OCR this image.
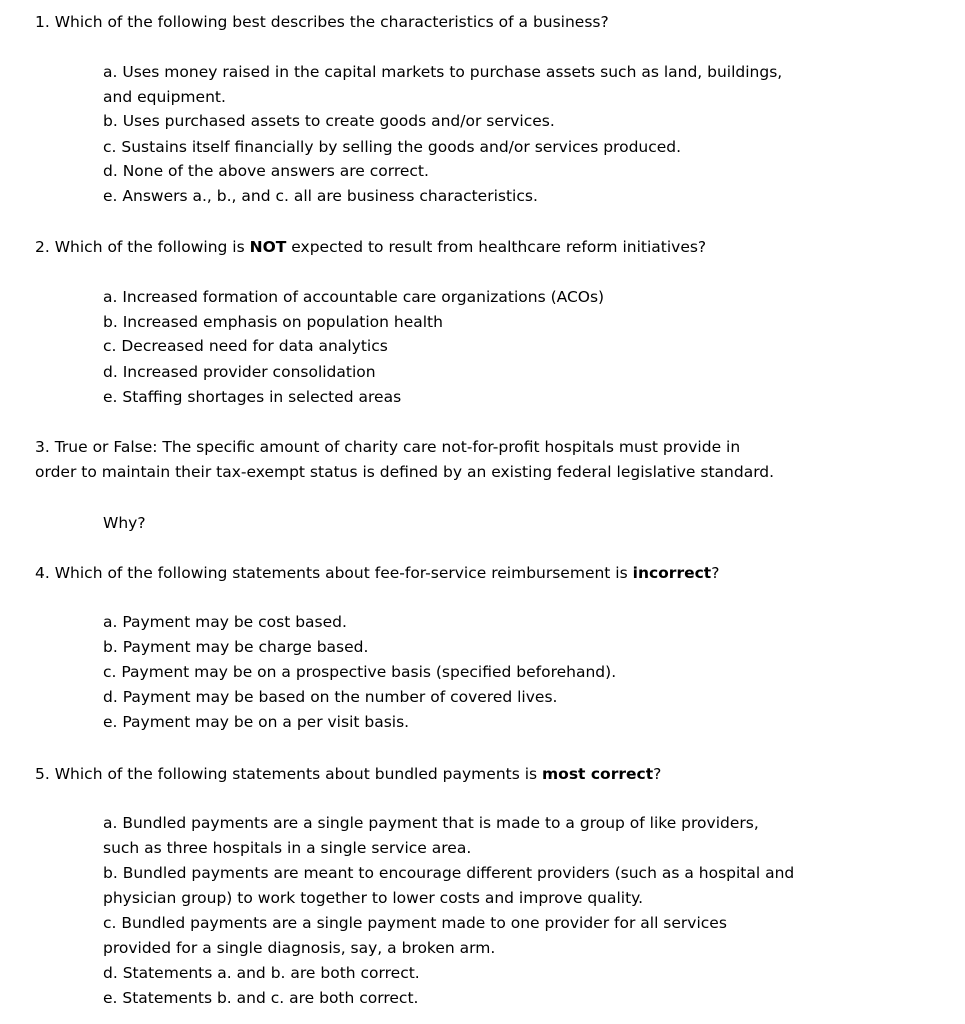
1. Which of the following best describes the characteristics of a business?

a. Uses money raised in the capital markets to purchase assets such as land, buildings,

and equipment.

b. Uses purchased assets to create goods and/or services.

c. Sustains itself financially by selling the goods and/or services produced.

d. None of the above answers are correct.

e. Answers a., b., and c. all are business characteristics.

2. Which of the following is NOT expected to result from healthcare reform initiatives?

a. Increased formation of accountable care organizations (ACOs)

b. Increased emphasis on population health

c. Decreased need for data analytics

d. Increased provider consolidation

e. Staffing shortages in selected areas

3. True or False: The specific amount of charity care not-for-profit hospitals must provide in

order to maintain their tax-exempt status is defined by an existing federal legislative standard.

Why?

4. Which of the following statements about fee-for-service reimbursement is incorrect?

a. Payment may be cost based.

b. Payment may be charge based.

c. Payment may be on a prospective basis (specified beforehand).

d. Payment may be based on the number of covered lives.

e. Payment may be on a per visit basis.

5. Which of the following statements about bundled payments is most correct?

a. Bundled payments are a single payment that is made to a group of like providers,

such as three hospitals in a single service area.

b. Bundled payments are meant to encourage different providers (such as a hospital and

physician group) to work together to lower costs and improve quality.

c. Bundled payments are a single payment made to one provider for all services

provided for a single diagnosis, say, a broken arm.

d. Statements a. and b. are both correct.

e. Statements b. and c. are both correct.
